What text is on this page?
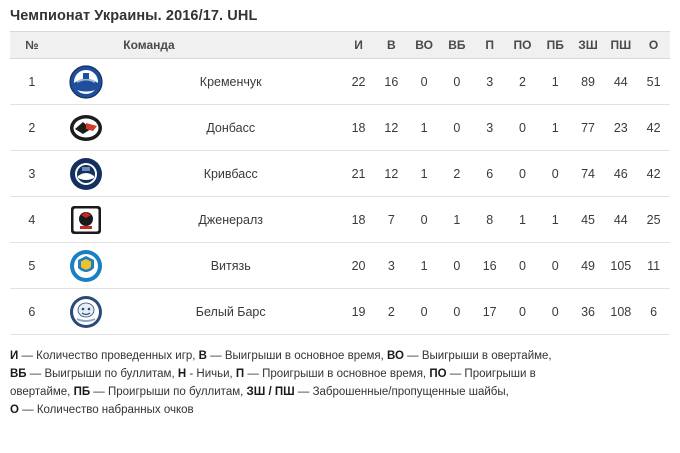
Чемпионат Украины. 2016/17. UHL
№		Команда	И	В	ВО	ВБ	П	ПО	ПБ	ЗШ	ПШ	О
1		Кременчук	22	16	0	0	3	2	1	89	44	51
2		Донбасс	18	12	1	0	3	0	1	77	23	42
3		Кривбасс	21	12	1	2	6	0	0	74	46	42
4		Дженералз	18	7	0	1	8	1	1	45	44	25
5		Витязь	20	3	1	0	16	0	0	49	105	11
6		Белый Барс	19	2	0	0	17	0	0	36	108	6
И — Количество проведенных игр, В — Выигрыши в основное время, ВО — Выигрыши в овертайме,
ВБ — Выигрыши по буллитам, Н - Ничьи, П — Проигрыши в основное время, ПО — Проигрыши в
овертайме, ПБ — Проигрыши по буллитам, ЗШ / ПШ — Заброшенные/пропущенные шайбы,
О — Количество набранных очков
